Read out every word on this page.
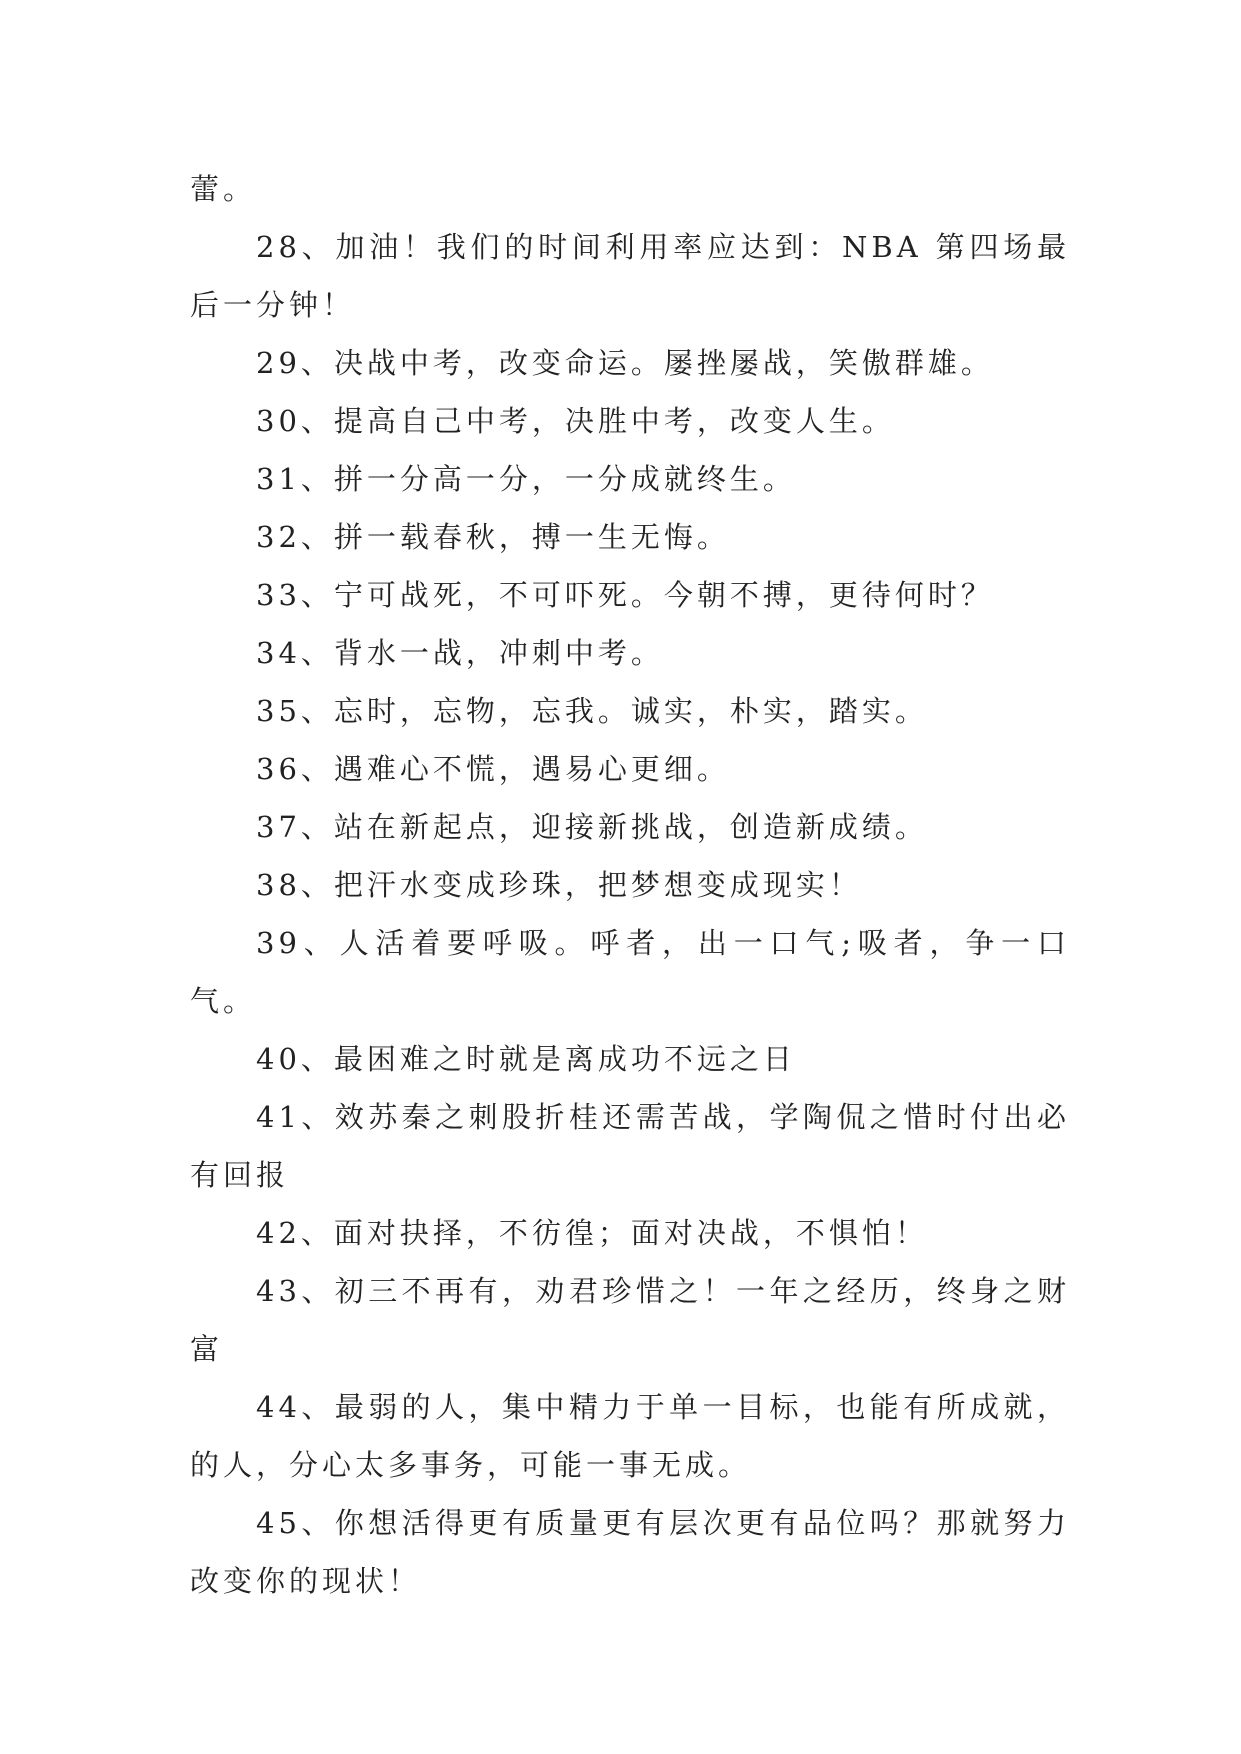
蕾。

28、加油！我们的时间利用率应达到：NBA 第四场最后一分钟！

29、决战中考，改变命运。屡挫屡战，笑傲群雄。

30、提高自己中考，决胜中考，改变人生。

31、拼一分高一分，一分成就终生。

32、拼一载春秋，搏一生无悔。

33、宁可战死，不可吓死。今朝不搏，更待何时？

34、背水一战，冲刺中考。

35、忘时，忘物，忘我。诚实，朴实，踏实。

36、遇难心不慌，遇易心更细。

37、站在新起点，迎接新挑战，创造新成绩。

38、把汗水变成珍珠，把梦想变成现实！

39、人活着要呼吸。呼者，出一口气;吸者，争一口气。

40、最困难之时就是离成功不远之日

41、效苏秦之刺股折桂还需苦战，学陶侃之惜时付出必有回报

42、面对抉择，不彷徨；面对决战，不惧怕！

43、初三不再有，劝君珍惜之！一年之经历，终身之财富

44、最弱的人，集中精力于单一目标，也能有所成就，的人，分心太多事务，可能一事无成。

45、你想活得更有质量更有层次更有品位吗？那就努力改变你的现状！
